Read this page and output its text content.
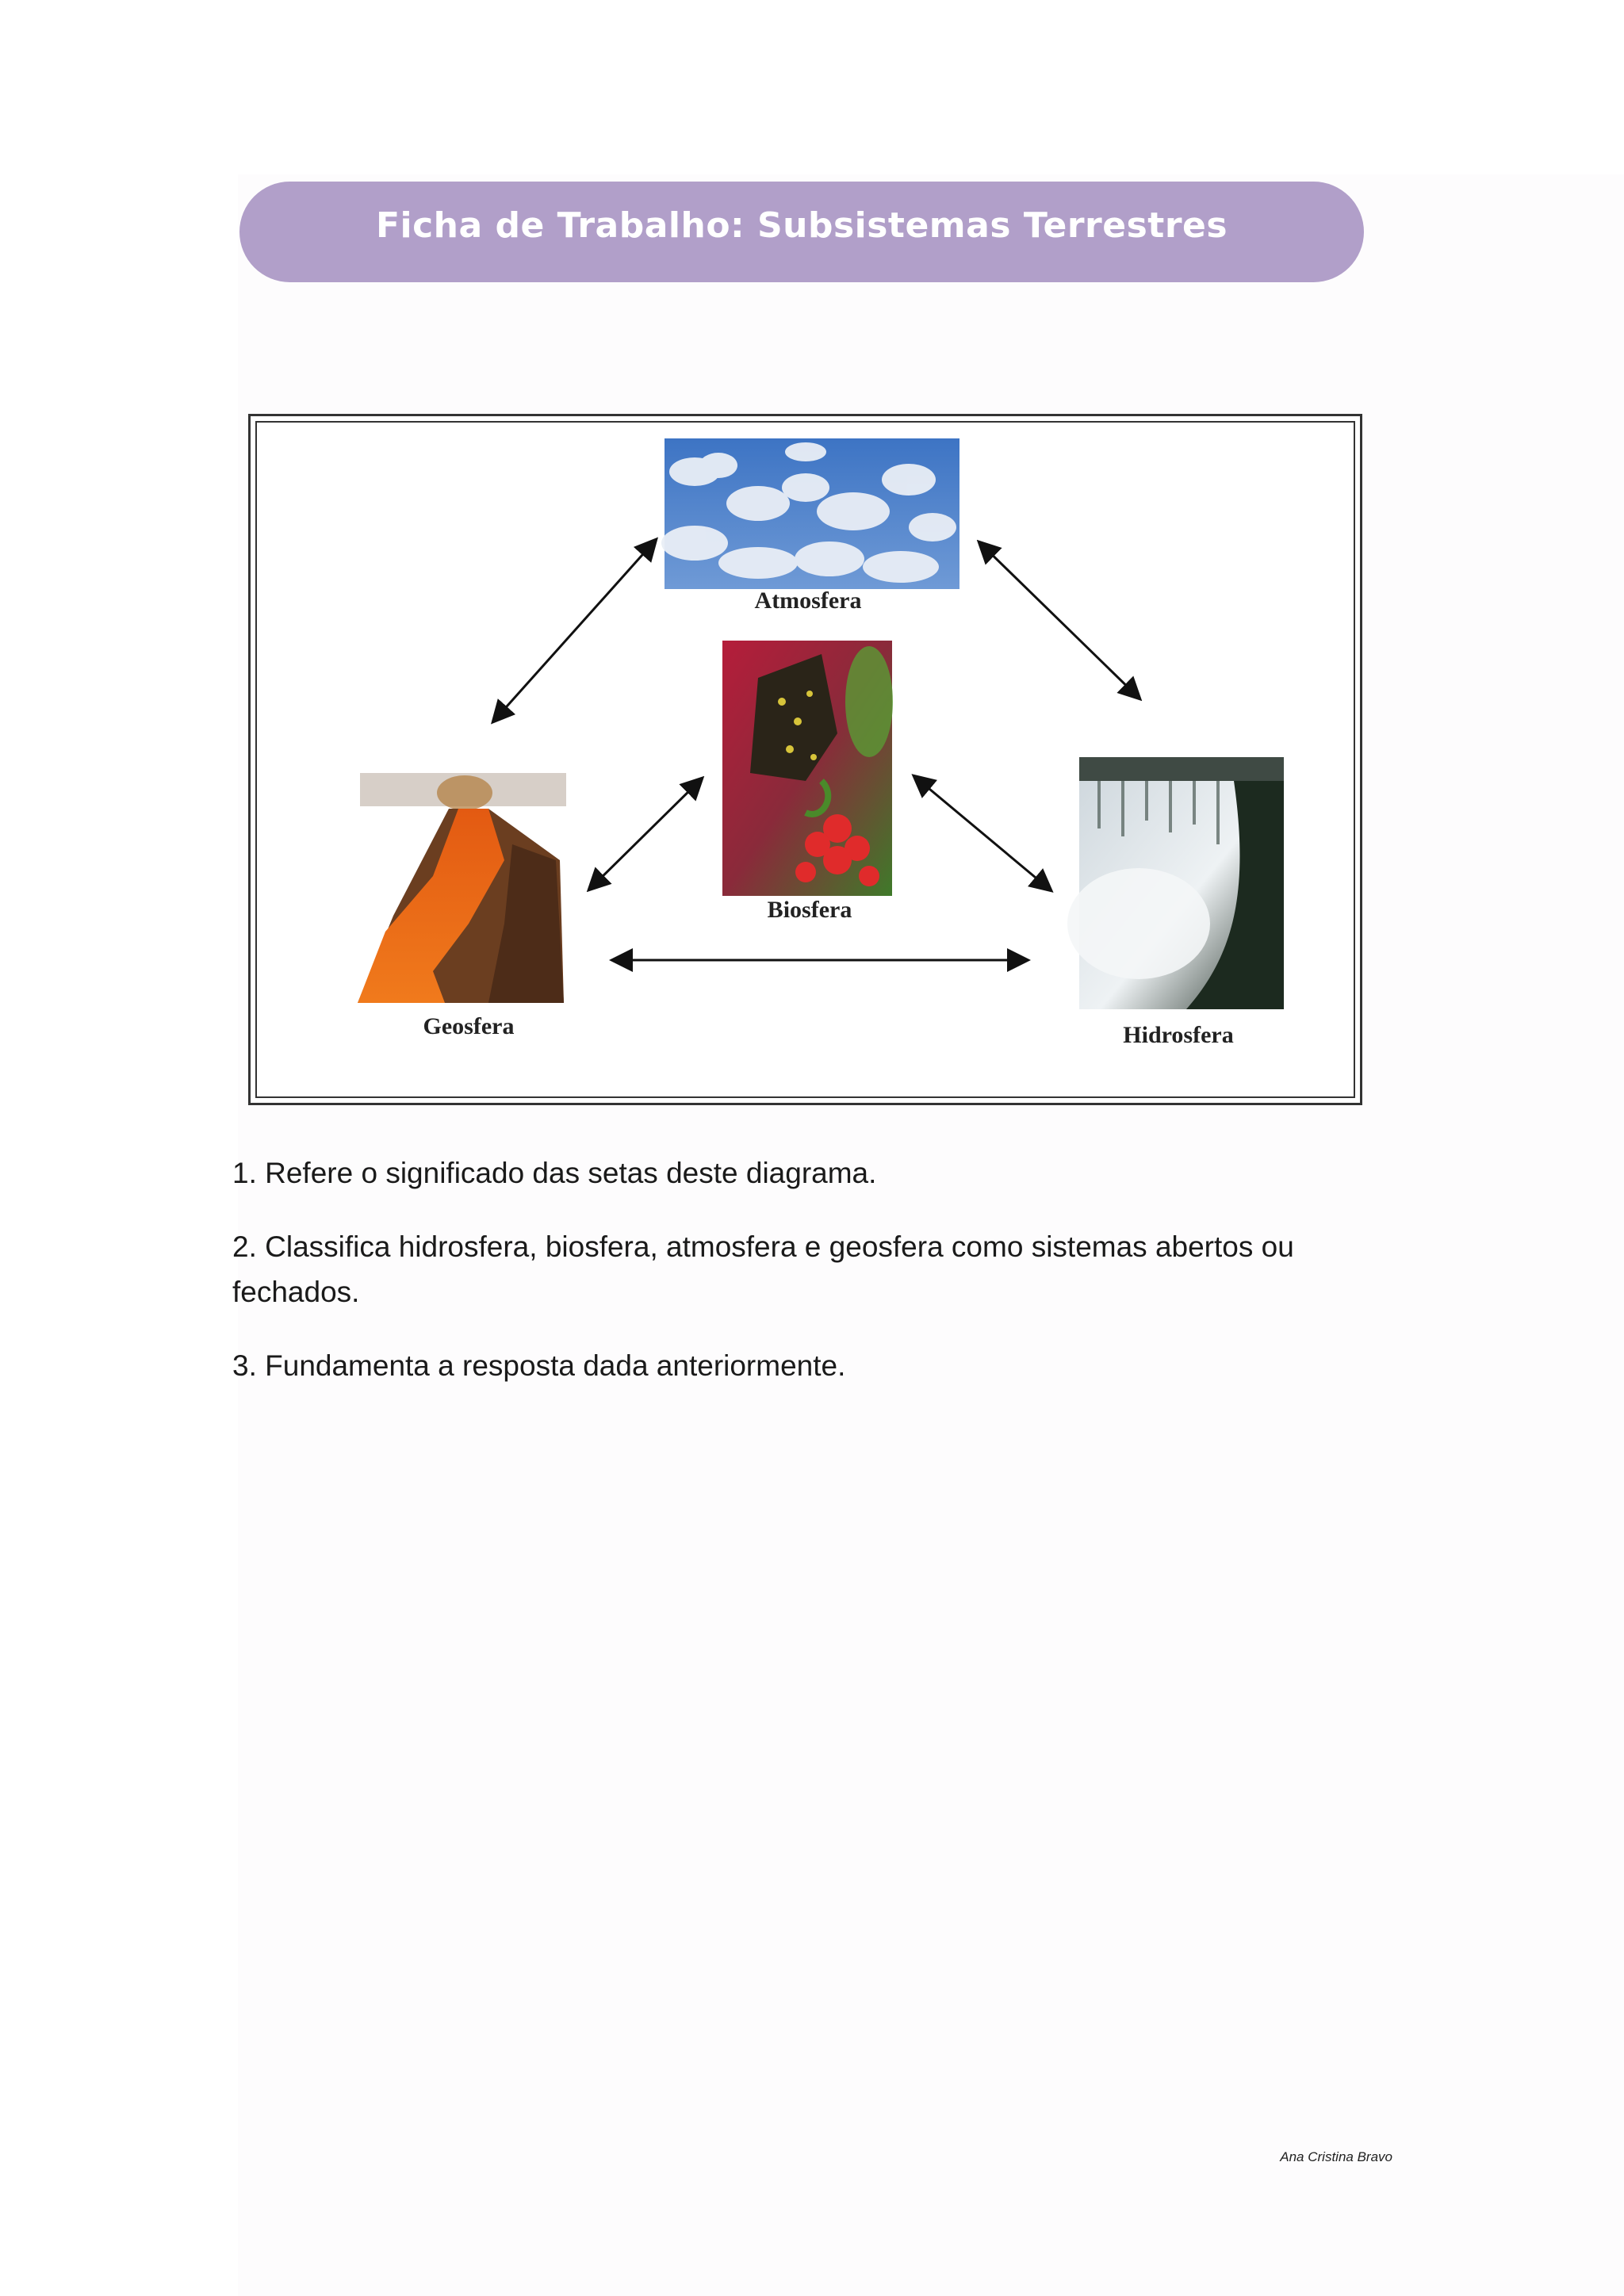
Ficha de Trabalho: Subsistemas Terrestres
Atmosfera
Biosfera
Geosfera	Hidrosfera

1. Refere o significado das setas deste diagrama.

2. Classifica hidrosfera, biosfera, atmosfera e geosfera como sistemas abertos ou fechados.

3. Fundamenta a resposta dada anteriormente.

Ana Cristina Bravo
